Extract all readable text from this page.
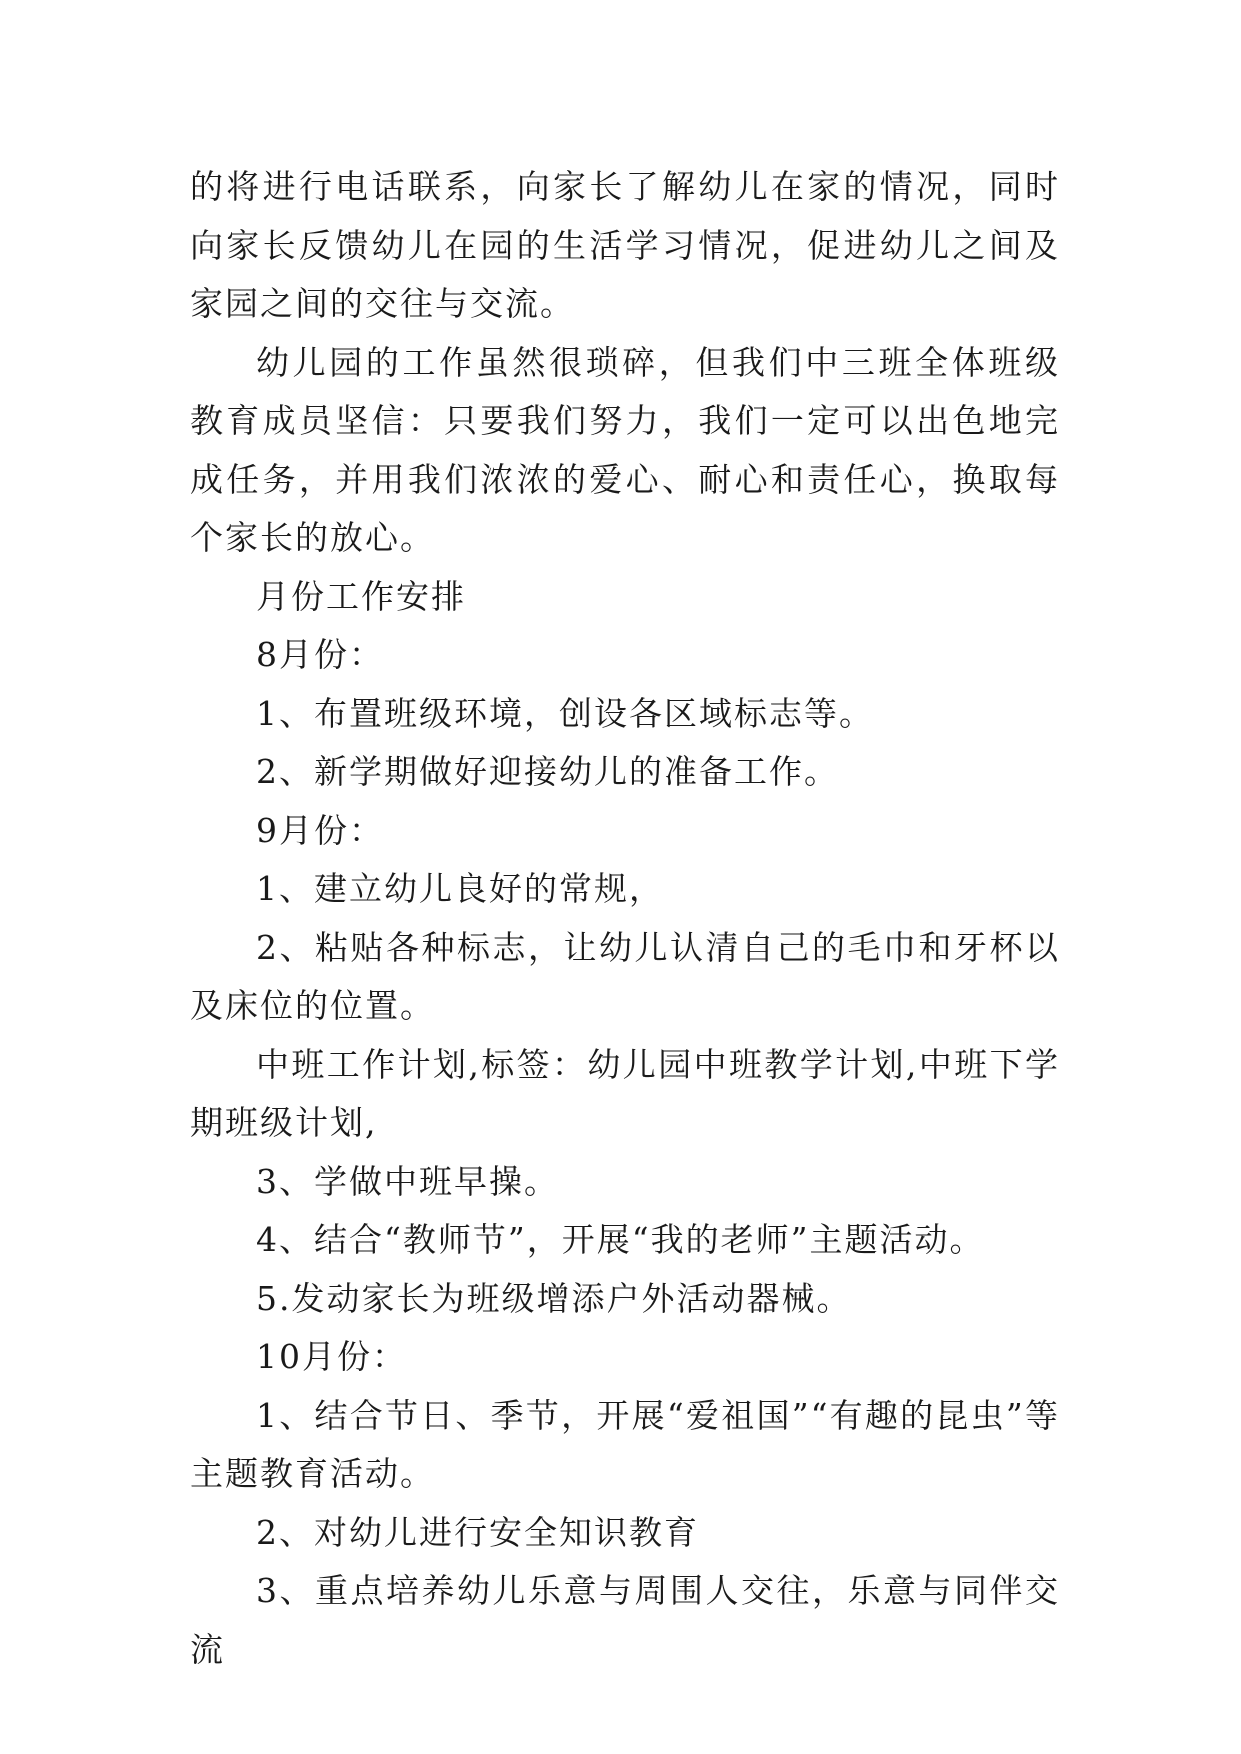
的将进行电话联系，向家长了解幼儿在家的情况，同时向家长反馈幼儿在园的生活学习情况，促进幼儿之间及家园之间的交往与交流。

幼儿园的工作虽然很琐碎，但我们中三班全体班级教育成员坚信：只要我们努力，我们一定可以出色地完成任务，并用我们浓浓的爱心、耐心和责任心，换取每个家长的放心。

月份工作安排

8月份：

1、布置班级环境，创设各区域标志等。

2、新学期做好迎接幼儿的准备工作。

9月份：

1、建立幼儿良好的常规，

2、粘贴各种标志，让幼儿认清自己的毛巾和牙杯以及床位的位置。

中班工作计划,标签：幼儿园中班教学计划,中班下学期班级计划,

3、学做中班早操。

4、结合“教师节”，开展“我的老师”主题活动。

5.发动家长为班级增添户外活动器械。

10月份：

1、结合节日、季节，开展“爱祖国”“有趣的昆虫”等主题教育活动。

2、对幼儿进行安全知识教育

3、重点培养幼儿乐意与周围人交往，乐意与同伴交流
